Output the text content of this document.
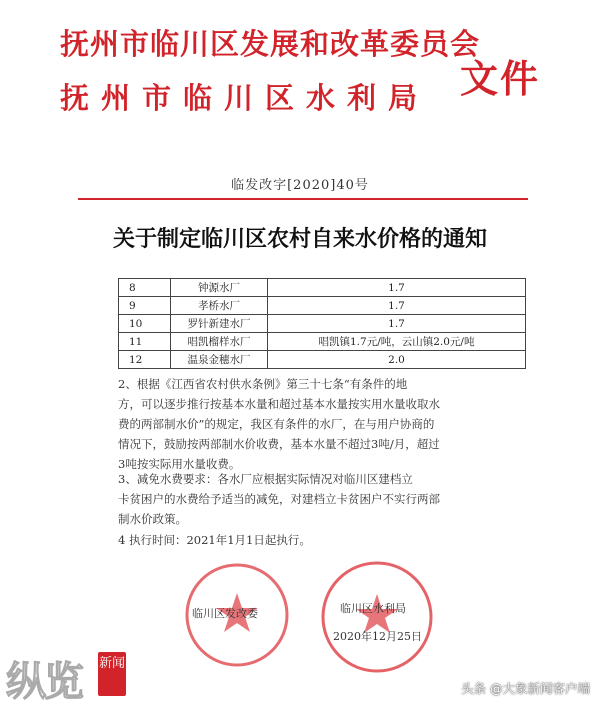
抚州市临川区发展和改革委员会
抚州市临川区水利局 文件
临发改字[2020]40号
关于制定临川区农村自来水价格的通知
8	钟源水厂	1.7
9	孝桥水厂	1.7
10	罗针新建水厂	1.7
11	唱凯榴样水厂	唱凯镇1.7元/吨，云山镇2.0元/吨
12	温泉金穗水厂	2.0
2、根据《江西省农村供水条例》第三十七条“有条件的地
方，可以逐步推行按基本水量和超过基本水量按实用水量收取水
费的两部制水价”的规定，我区有条件的水厂，在与用户协商的
情况下，鼓励按两部制水价收费，基本水量不超过3吨/月，超过
3吨按实际用水量收费。
3、减免水费要求：各水厂应根据实际情况对临川区建档立
卡贫困户的水费给予适当的减免，对建档立卡贫困户不实行两部
制水价政策。
4 执行时间：2021年1月1日起执行。
临川区发改委	临川区水利局
2020年12月25日
纵览 新闻
头条 @大象新闻客户端
